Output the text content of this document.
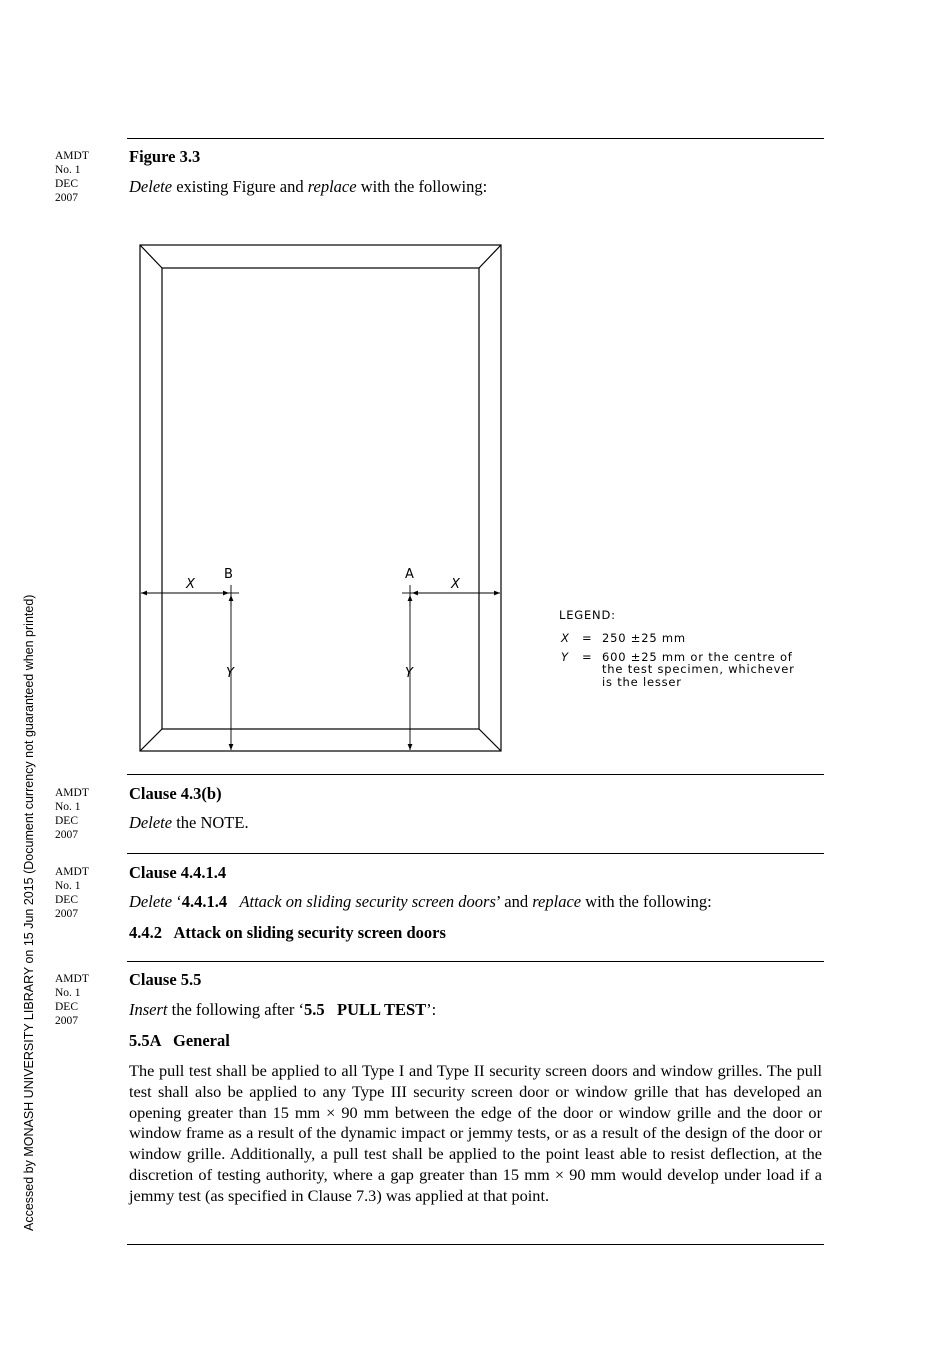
Accessed by MONASH UNIVERSITY LIBRARY on 15 Jun 2015 (Document currency not guaranteed when printed)
AMDT
No. 1
DEC
2007
Figure 3.3
Delete existing Figure and replace with the following:
B	A
X	X
Y	Y
LEGEND:
X = 250 ±25 mm
Y = 600 ±25 mm or the centre of
the test specimen, whichever
is the lesser
AMDT
No. 1
DEC
2007
Clause 4.3(b)
Delete the NOTE.
AMDT
No. 1
DEC
2007
Clause 4.4.1.4
Delete ‘4.4.1.4 Attack on sliding security screen doors’ and replace with the following:
4.4.2   Attack on sliding security screen doors
AMDT
No. 1
DEC
2007
Clause 5.5
Insert the following after ‘5.5   PULL TEST’:
5.5A   General
The pull test shall be applied to all Type I and Type II security screen doors and window grilles. The pull test shall also be applied to any Type III security screen door or window grille that has developed an opening greater than 15 mm × 90 mm between the edge of the door or window grille and the door or window frame as a result of the dynamic impact or jemmy tests, or as a result of the design of the door or window grille. Additionally, a pull test shall be applied to the point least able to resist deflection, at the discretion of testing authority, where a gap greater than 15 mm × 90 mm would develop under load if a jemmy test (as specified in Clause 7.3) was applied at that point.
